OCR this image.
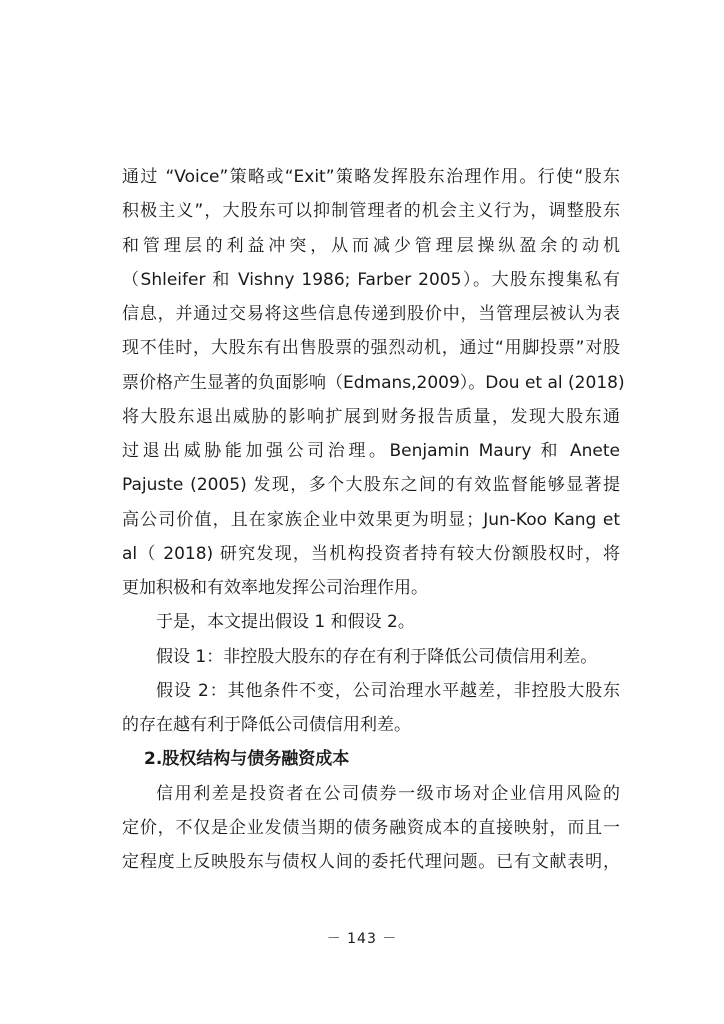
通过 “Voice”策略或“Exit”策略发挥股东治理作用。行使“股东
积极主义”，大股东可以抑制管理者的机会主义行为，调整股东
和管理层的利益冲突，从而减少管理层操纵盈余的动机
（Shleifer 和 Vishny 1986; Farber 2005）。大股东搜集私有
信息，并通过交易将这些信息传递到股价中，当管理层被认为表
现不佳时，大股东有出售股票的强烈动机，通过“用脚投票”对股
票价格产生显著的负面影响（Edmans,2009）。Dou et al (2018)
将大股东退出威胁的影响扩展到财务报告质量，发现大股东通
过退出威胁能加强公司治理。Benjamin Maury 和 Anete
Pajuste (2005) 发现，多个大股东之间的有效监督能够显著提
高公司价值，且在家族企业中效果更为明显；Jun-Koo Kang et
al（ 2018) 研究发现，当机构投资者持有较大份额股权时，将
更加积极和有效率地发挥公司治理作用。
于是，本文提出假设 1 和假设 2。
假设 1：非控股大股东的存在有利于降低公司债信用利差。
假设 2：其他条件不变，公司治理水平越差，非控股大股东
的存在越有利于降低公司债信用利差。
2.股权结构与债务融资成本
信用利差是投资者在公司债券一级市场对企业信用风险的
定价，不仅是企业发债当期的债务融资成本的直接映射，而且一
定程度上反映股东与债权人间的委托代理问题。已有文献表明，
－ 143 －
